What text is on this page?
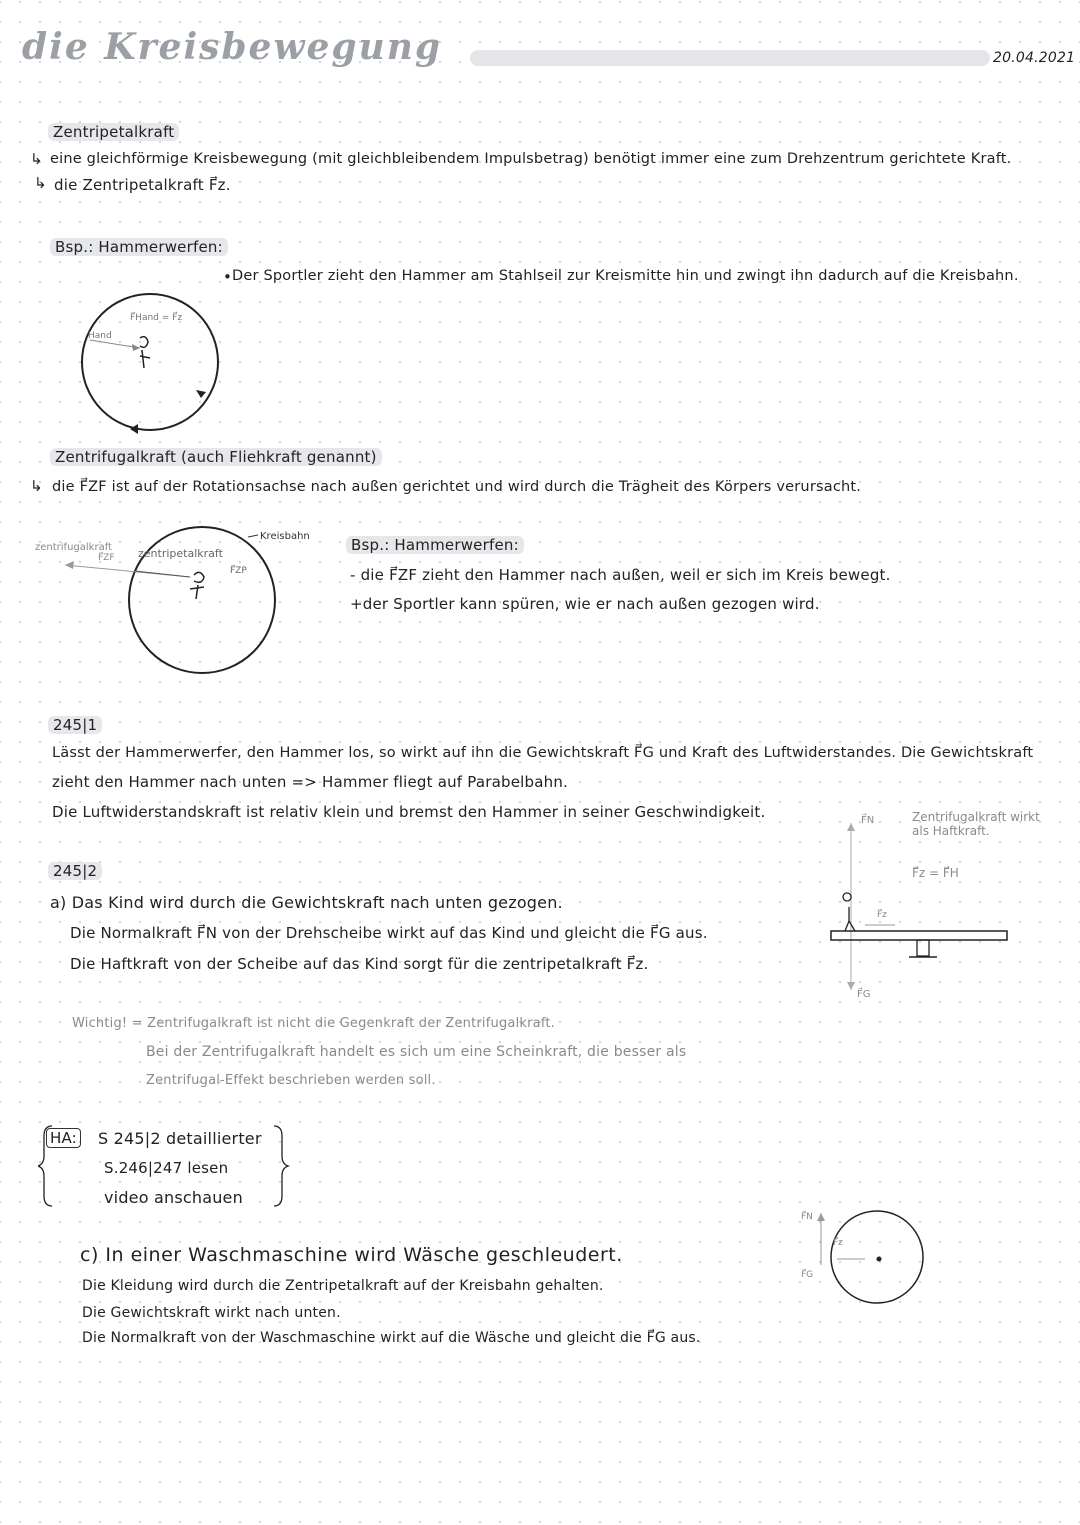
die Kreisbewegung	20.04.2021
Zentripetalkraft
↳ eine gleichförmige Kreisbewegung (mit gleichbleibendem Impulsbetrag) benötigt immer eine zum Drehzentrum gerichtete Kraft.
↳ die Zentripetalkraft F⃗z.
Bsp.: Hammerwerfen:
• Der Sportler zieht den Hammer am Stahlseil zur Kreismitte hin und zwingt ihn dadurch auf die Kreisbahn.
F⃗Hand = F⃗z
Hand
Zentrifugalkraft (auch Fliehkraft genannt)
↳ die F⃗ZF ist auf der Rotationsachse nach außen gerichtet und wird durch die Trägheit des Körpers verursacht.
zentrifugalkraft
F⃗ZF zentripetalkraft
F⃗ZP
Kreisbahn	Bsp.: Hammerwerfen:
- die F⃗ZF zieht den Hammer nach außen, weil er sich im Kreis bewegt.
+der Sportler kann spüren, wie er nach außen gezogen wird.
245|1
Lässt der Hammerwerfer, den Hammer los, so wirkt auf ihn die Gewichtskraft F⃗G und Kraft des Luftwiderstandes. Die Gewichtskraft
zieht den Hammer nach unten => Hammer fliegt auf Parabelbahn.
Die Luftwiderstandskraft ist relativ klein und bremst den Hammer in seiner Geschwindigkeit.	Zentrifugalkraft wirkt
als Haftkraft.
F⃗z = F⃗H
F⃗N
F⃗G
F⃗z
245|2
a) Das Kind wird durch die Gewichtskraft nach unten gezogen.
Die Normalkraft F⃗N von der Drehscheibe wirkt auf das Kind und gleicht die F⃗G aus.
Die Haftkraft von der Scheibe auf das Kind sorgt für die zentripetalkraft F⃗z.
Wichtig! = Zentrifugalkraft ist nicht die Gegenkraft der Zentrifugalkraft.
Bei der Zentrifugalkraft handelt es sich um eine Scheinkraft, die besser als
Zentrifugal-Effekt beschrieben werden soll.
HA: S 245|2 detaillierter
S.246|247 lesen
video anschauen
c) In einer Waschmaschine wird Wäsche geschleudert.
Die Kleidung wird durch die Zentripetalkraft auf der Kreisbahn gehalten.
Die Gewichtskraft wirkt nach unten.
Die Normalkraft von der Waschmaschine wirkt auf die Wäsche und gleicht die F⃗G aus.
F⃗N
F⃗z
F⃗G
